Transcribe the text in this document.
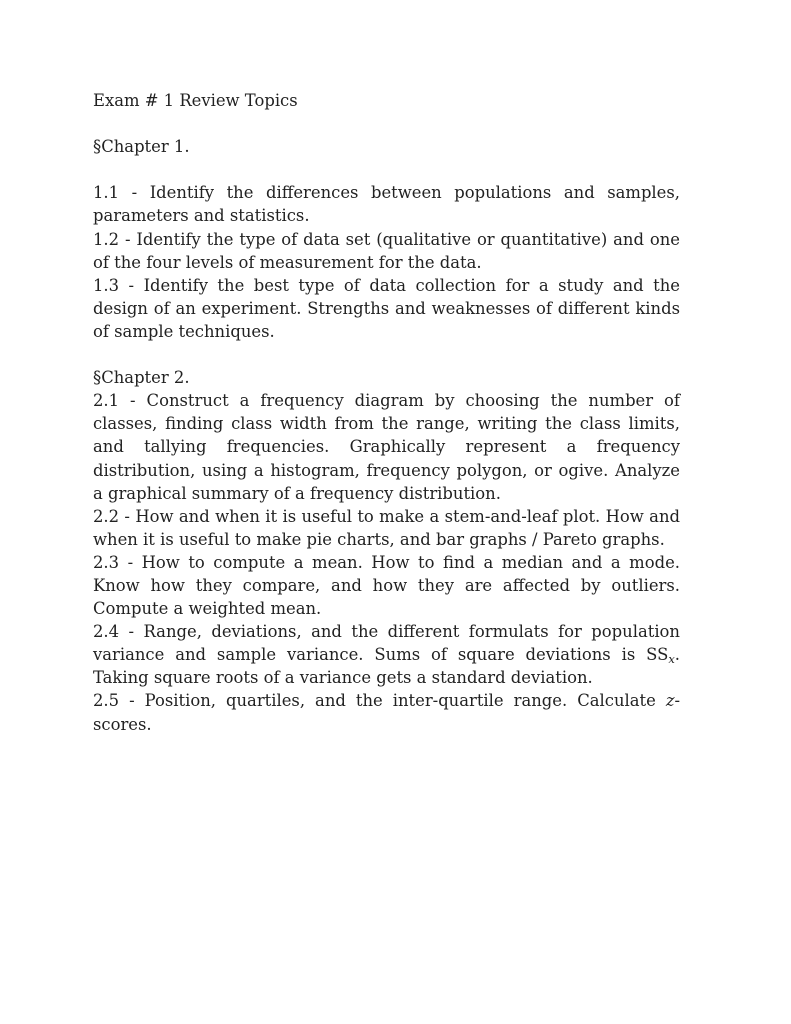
Exam # 1 Review Topics

§Chapter 1.

1.1 - Identify the differences between populations and samples, parameters and statistics.

1.2 - Identify the type of data set (qualitative or quantitative) and one of the four levels of measurement for the data.

1.3 - Identify the best type of data collection for a study and the design of an experiment. Strengths and weaknesses of different kinds of sample techniques.

§Chapter 2.

2.1 - Construct a frequency diagram by choosing the number of classes, finding class width from the range, writing the class limits, and tallying frequencies. Graphically represent a frequency distribution, using a histogram, frequency polygon, or ogive. Analyze a graphical summary of a frequency distribution.

2.2 - How and when it is useful to make a stem-and-leaf plot. How and when it is useful to make pie charts, and bar graphs / Pareto graphs.

2.3 - How to compute a mean. How to find a median and a mode. Know how they compare, and how they are affected by outliers. Compute a weighted mean.

2.4 - Range, deviations, and the different formulats for population variance and sample variance. Sums of square deviations is $SS_x$. Taking square roots of a variance gets a standard deviation.

2.5 - Position, quartiles, and the inter-quartile range. Calculate z-scores.
